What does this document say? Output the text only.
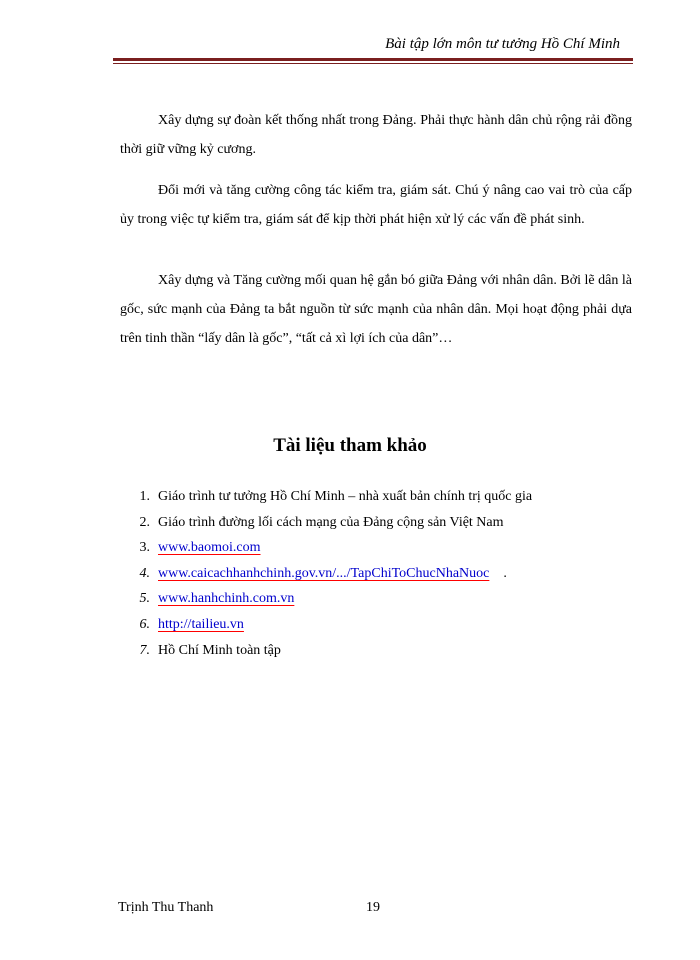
Bài tập lớn môn tư tưởng Hồ Chí Minh

Xây dựng sự đoàn kết thống nhất trong Đảng. Phải thực hành dân chủ rộng rải đồng thời giữ vững kỷ cương.

Đổi mới và tăng cường công tác kiểm tra, giám sát. Chú ý nâng cao vai trò của cấp ủy trong việc tự kiểm tra, giám sát để kịp thời phát hiện xử lý các vấn đề phát sinh.

Xây dựng và Tăng cường mối quan hệ gắn bó giữa Đảng với nhân dân. Bởi lẽ dân là gốc, sức mạnh của Đảng ta bắt nguồn từ sức mạnh của nhân dân. Mọi hoạt động phải dựa trên tinh thần “lấy dân là gốc”, “tất cả xì lợi ích của dân”…

Tài liệu tham khảo
1. Giáo trình tư tưởng Hồ Chí Minh – nhà xuất bản chính trị quốc gia
2. Giáo trình đường lối cách mạng của Đảng cộng sản Việt Nam
3. www.baomoi.com
4. www.caicachhanhchinh.gov.vn/.../TapChiToChucNhaNuoc .
5. www.hanhchinh.com.vn
6. http://tailieu.vn
7. Hồ Chí Minh toàn tập
Trịnh Thu Thanh	19
